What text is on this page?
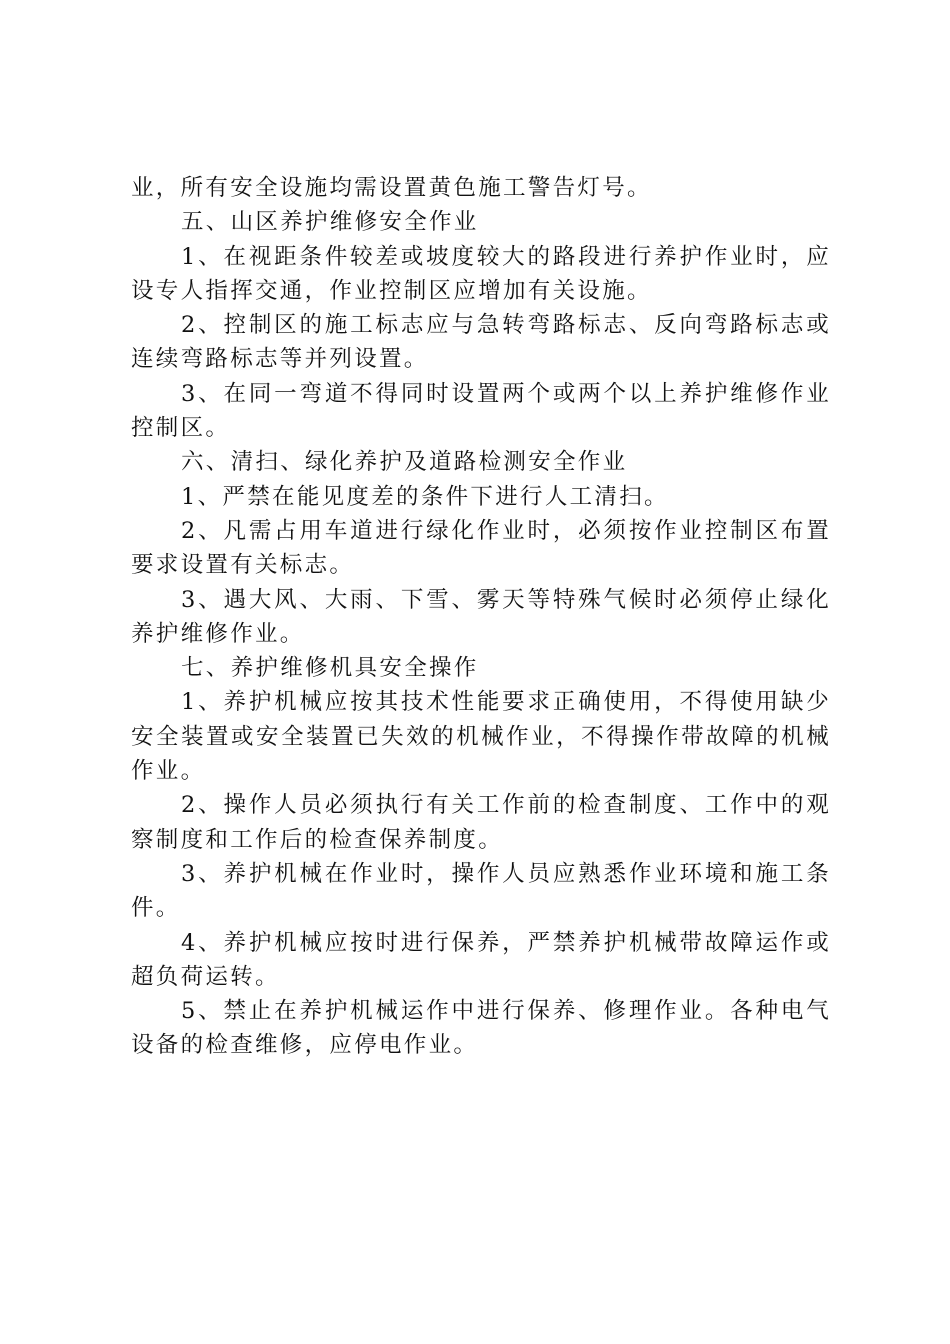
业，所有安全设施均需设置黄色施工警告灯号。

五、山区养护维修安全作业

1、在视距条件较差或坡度较大的路段进行养护作业时，应设专人指挥交通，作业控制区应增加有关设施。

2、控制区的施工标志应与急转弯路标志、反向弯路标志或连续弯路标志等并列设置。

3、在同一弯道不得同时设置两个或两个以上养护维修作业控制区。

六、清扫、绿化养护及道路检测安全作业

1、严禁在能见度差的条件下进行人工清扫。

2、凡需占用车道进行绿化作业时，必须按作业控制区布置要求设置有关标志。

3、遇大风、大雨、下雪、雾天等特殊气候时必须停止绿化养护维修作业。

七、养护维修机具安全操作

1、养护机械应按其技术性能要求正确使用，不得使用缺少安全装置或安全装置已失效的机械作业，不得操作带故障的机械作业。

2、操作人员必须执行有关工作前的检查制度、工作中的观察制度和工作后的检查保养制度。

3、养护机械在作业时，操作人员应熟悉作业环境和施工条件。

4、养护机械应按时进行保养，严禁养护机械带故障运作或超负荷运转。

5、禁止在养护机械运作中进行保养、修理作业。各种电气设备的检查维修，应停电作业。
